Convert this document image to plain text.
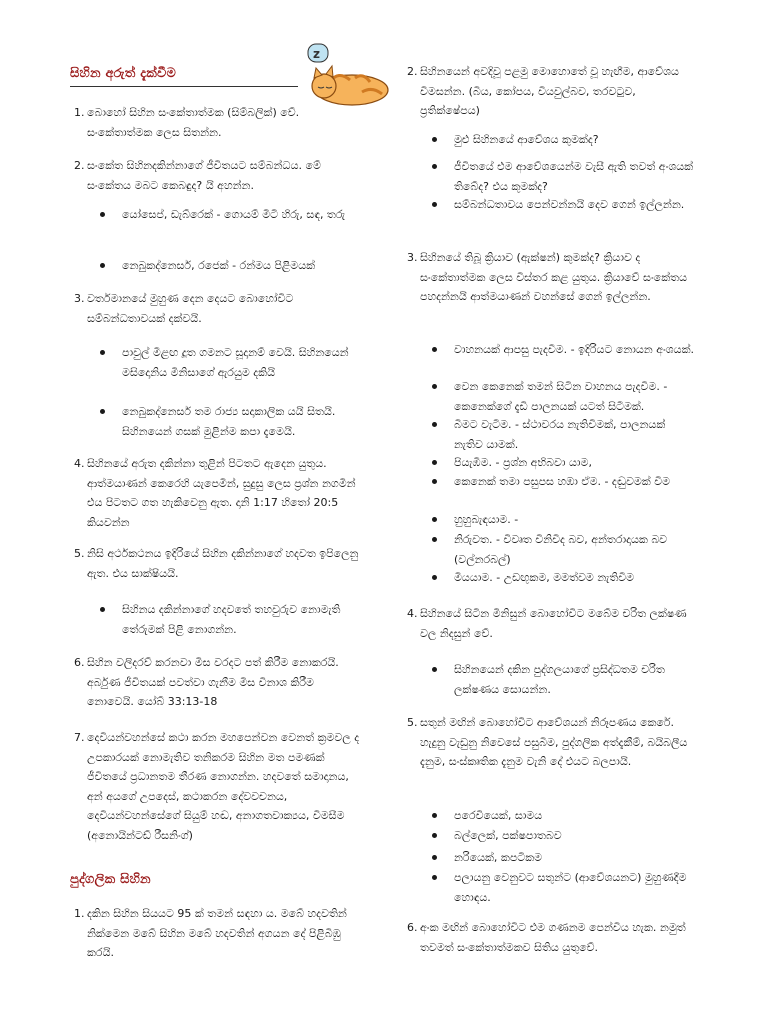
සිහින අරුත් දැක්වීම
z
1. බොහෝ සිහින සංකේතාත්මක (සිම්බලික්) වේ. සංකේතාත්මක ලෙස සිතන්න.
2. සංකේත සිහිනදකින්නාගේ ජීවිතයට සම්බන්ධය. මේ සංකේතය මබට කෙබඳුද? යි අහන්න.
යෝසෙප්, ඩැබ්රෙක් - ගොයම් මිටි හිරු, සඳ, තරු
නෙබුකද්නෙසර්, රජෙක් - රන්මය පිළිමයක්
3. වර්තමානයේ මුහුණ දෙන දෙයට බොහෝවිට සම්බන්ධතාවයක් දක්වයි.
පාවුල් මීළඟ දූත ගමනට සූදානම් වෙයි. සිහිනයෙන් මසිදොනිය මිනිසාගේ ඇරයුම දකියි
නෙබුකද්නෙසර් තම රාජ්‍ය සදාකාලික යයි සිතයි. සිහිනයෙන් ගසක් මුළින්ම කපා දැමෙයි.
4. සිහිනයේ අරුත දකින්නා තුළින් පිටතට ඇදෙන යුතුය. ආත්මයාණන් කෙරෙහි යැපෙමින්, සුදුසු ලෙස ප්‍රශ්න නගමින් එය පිටතට ගත හැකිවෙනු ඇත. දානි 1:17 හිතෝ 20:5 කියවන්න
5. නිසි අර්ථකථනය ඉදිරියේ සිහින දකින්නාගේ හදවත ඉපිලෙනු ඇත. එය සාක්ෂියයි.
සිහිනය දකින්නාගේ හදවතේ තහවුරුව නොමැති තේරුමක් පිළි නොගන්න.
6. සිහින වලිදරව් කරනවා මිස වරදට පත් කිරීම නොකරයි. අර්බුණ ජීවිතයක් පවත්වා ගැනීම මිස විනාශ කිරීම නොවෙයි. යෝබ් 33:13-18
7. දෙවියන්වහන්සේ කථා කරන මහපෙන්වන වෙනත් ක්‍රමවල ද උපකාරයක් නොමැතිව තනිකරම සිහින මත පමණක් ජීවිතයේ ප්‍රධානතම තීරණ නොගන්න. හදවතේ සමාදානය, අන් අයගේ උපදෙස්, කථාකරන දේවවචනය, දෙවියන්වහන්සේගේ සියුම් හඬ, අනාගතවාක්‍යය, විමසීම (අනොයින්ටඩ් රීසනිංග්)
පුද්ගලික සිහින
1. දකින සිහින සියයට 95 ක් තමන් සඳහා ය. මබේ හදවතින් නික්මෙන මබේ සිහින මබේ හදවතින් අගයන දේ පිළිබිඹු කරයි.
2. සිහිනයෙන් අවදිවූ පළමු මොහොතේ වූ හැඟීම, ආවේශය විමසන්න. (බිය, කෝපය, වියවුල්බව, තරවටුව, ප්‍රතික්ෂේපය)
මුළු සිහිනයේ ආවේශය කුමක්ද?
ජීවිතයේ එම ආවේශයෙන්ම වැසී ඇති තවත් අංශයක් තිබේද? එය කුමක්ද?
සම්බන්ධතාවය පෙන්වන්නයි දෙව ගෙන් ඉල්ලන්න.
3. සිහිනයේ තිබූ ක්‍රියාව (ඇක්ෂන්) කුමක්ද? ක්‍රියාව ද සංකේතාත්මක ලෙස විස්තර කළ යුතුය. ක්‍රියාවේ සංකේතය පහදන්නයි ආත්මයාණන් වහන්සේ ගෙන් ඉල්ලන්න.
වාහනයක් ආපසු පැදවීම. - ඉදිරියට නොයන අංශයක්.
වෙන කෙනෙක් තමන් සිටින වාහනය පැදවීම. - කෙනෙක්ගේ දැඩි පාලනයක් යටත් සිටීමක්.
බිමට වැටීම. - ස්ථාවරය නැතිවීමක්, පාලනයක් නැතිව යාමක්.
පියැඹීම. - ප්‍රශ්න අභිබවා යාම,
කෙනෙක් තමා පසුපස හඹා ඒම. - දඬුවමක් විම
හුහුබැඳයාම. -
නිරුවත. - විවෘත විනිවිද බව, අන්තරාදායක බව (වල්නරබල්)
මියයාම. - උඩඟුකම, මමත්වම නැතිවීම
4. සිහිනයේ සිටින මිනිසුන් බොහෝවිට මබේම චරිත ලක්ෂණ වල නිදසුන් වේ.
සිහිනයෙන් දකින පුද්ගලයාගේ ප්‍රසිද්ධතම චරිත ලක්ෂණය සොයන්න.
5. සතුන් මඟින් බොහෝවිට ආවේශයන් නිරූපණය කෙරේ. හැදුනු වැඩුනු නිවෙසේ පසුබිම, පුද්ගලික අත්දැකීම්, බයිබලීය දැනුම, සංස්කෘතික දැනුම වැනි දේ එයට බලපායි.
පරෙවියෙක්, සාමය
බල්ලෙක්, පක්ෂපාතබව
නරියෙක්, කපටිකම
පලායනු වෙනුවට සතුන්ට (ආවේශයනට) මුහුණදීම හොඳය.
6. අංක මඟින් බොහෝවිට එම ගණනම පෙන්විය හැක. නමුත් තවමත් සංකේතාත්මකව සිතිය යුතුවේ.
